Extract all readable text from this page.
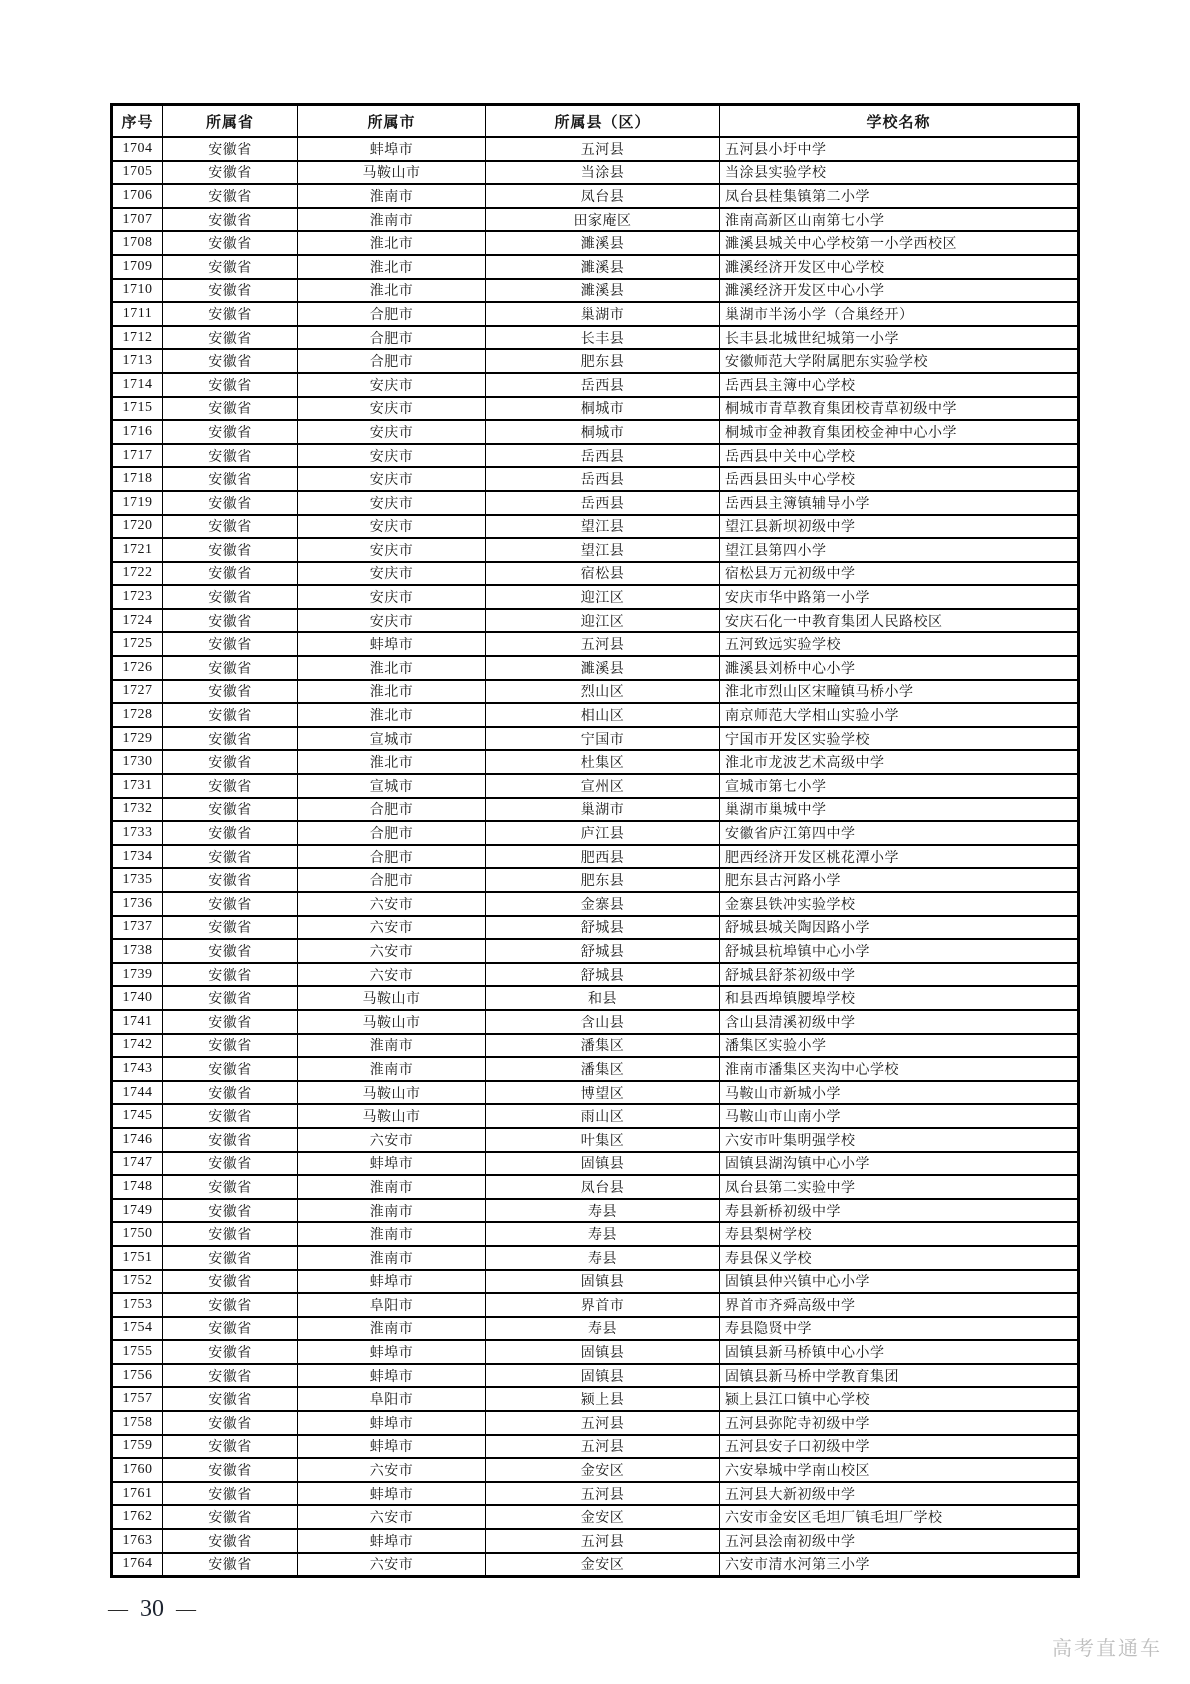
序号	所属省	所属市	所属县（区）	学校名称
1704	安徽省	蚌埠市	五河县	五河县小圩中学
1705	安徽省	马鞍山市	当涂县	当涂县实验学校
1706	安徽省	淮南市	凤台县	凤台县桂集镇第二小学
1707	安徽省	淮南市	田家庵区	淮南高新区山南第七小学
1708	安徽省	淮北市	濉溪县	濉溪县城关中心学校第一小学西校区
1709	安徽省	淮北市	濉溪县	濉溪经济开发区中心学校
1710	安徽省	淮北市	濉溪县	濉溪经济开发区中心小学
1711	安徽省	合肥市	巢湖市	巢湖市半汤小学（合巢经开）
1712	安徽省	合肥市	长丰县	长丰县北城世纪城第一小学
1713	安徽省	合肥市	肥东县	安徽师范大学附属肥东实验学校
1714	安徽省	安庆市	岳西县	岳西县主簿中心学校
1715	安徽省	安庆市	桐城市	桐城市青草教育集团校青草初级中学
1716	安徽省	安庆市	桐城市	桐城市金神教育集团校金神中心小学
1717	安徽省	安庆市	岳西县	岳西县中关中心学校
1718	安徽省	安庆市	岳西县	岳西县田头中心学校
1719	安徽省	安庆市	岳西县	岳西县主簿镇辅导小学
1720	安徽省	安庆市	望江县	望江县新坝初级中学
1721	安徽省	安庆市	望江县	望江县第四小学
1722	安徽省	安庆市	宿松县	宿松县万元初级中学
1723	安徽省	安庆市	迎江区	安庆市华中路第一小学
1724	安徽省	安庆市	迎江区	安庆石化一中教育集团人民路校区
1725	安徽省	蚌埠市	五河县	五河致远实验学校
1726	安徽省	淮北市	濉溪县	濉溪县刘桥中心小学
1727	安徽省	淮北市	烈山区	淮北市烈山区宋疃镇马桥小学
1728	安徽省	淮北市	相山区	南京师范大学相山实验小学
1729	安徽省	宣城市	宁国市	宁国市开发区实验学校
1730	安徽省	淮北市	杜集区	淮北市龙波艺术高级中学
1731	安徽省	宣城市	宣州区	宣城市第七小学
1732	安徽省	合肥市	巢湖市	巢湖市巢城中学
1733	安徽省	合肥市	庐江县	安徽省庐江第四中学
1734	安徽省	合肥市	肥西县	肥西经济开发区桃花潭小学
1735	安徽省	合肥市	肥东县	肥东县古河路小学
1736	安徽省	六安市	金寨县	金寨县铁冲实验学校
1737	安徽省	六安市	舒城县	舒城县城关陶因路小学
1738	安徽省	六安市	舒城县	舒城县杭埠镇中心小学
1739	安徽省	六安市	舒城县	舒城县舒茶初级中学
1740	安徽省	马鞍山市	和县	和县西埠镇腰埠学校
1741	安徽省	马鞍山市	含山县	含山县清溪初级中学
1742	安徽省	淮南市	潘集区	潘集区实验小学
1743	安徽省	淮南市	潘集区	淮南市潘集区夹沟中心学校
1744	安徽省	马鞍山市	博望区	马鞍山市新城小学
1745	安徽省	马鞍山市	雨山区	马鞍山市山南小学
1746	安徽省	六安市	叶集区	六安市叶集明强学校
1747	安徽省	蚌埠市	固镇县	固镇县湖沟镇中心小学
1748	安徽省	淮南市	凤台县	凤台县第二实验中学
1749	安徽省	淮南市	寿县	寿县新桥初级中学
1750	安徽省	淮南市	寿县	寿县梨树学校
1751	安徽省	淮南市	寿县	寿县保义学校
1752	安徽省	蚌埠市	固镇县	固镇县仲兴镇中心小学
1753	安徽省	阜阳市	界首市	界首市齐舜高级中学
1754	安徽省	淮南市	寿县	寿县隐贤中学
1755	安徽省	蚌埠市	固镇县	固镇县新马桥镇中心小学
1756	安徽省	蚌埠市	固镇县	固镇县新马桥中学教育集团
1757	安徽省	阜阳市	颍上县	颍上县江口镇中心学校
1758	安徽省	蚌埠市	五河县	五河县弥陀寺初级中学
1759	安徽省	蚌埠市	五河县	五河县安子口初级中学
1760	安徽省	六安市	金安区	六安皋城中学南山校区
1761	安徽省	蚌埠市	五河县	五河县大新初级中学
1762	安徽省	六安市	金安区	六安市金安区毛坦厂镇毛坦厂学校
1763	安徽省	蚌埠市	五河县	五河县浍南初级中学
1764	安徽省	六安市	金安区	六安市清水河第三小学
— 30 —
高考直通车
